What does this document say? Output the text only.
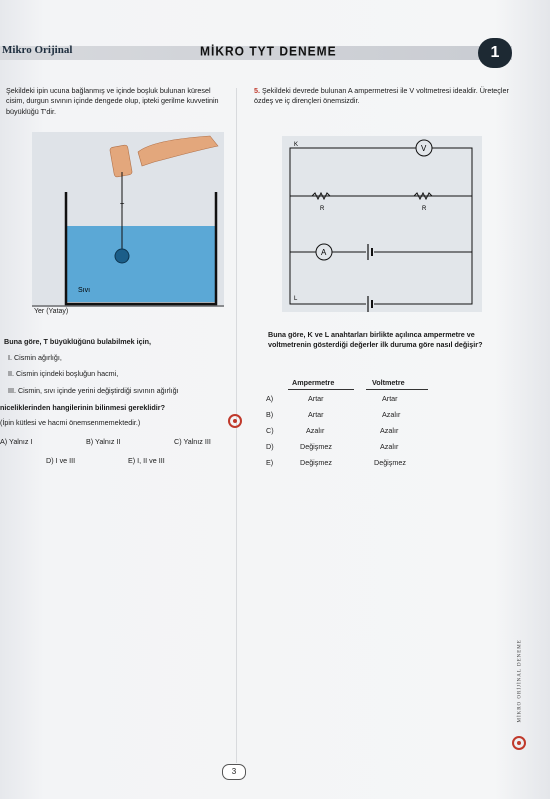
Mikro Orijinal	MİKRO TYT DENEME	1
Şekildeki ipin ucuna bağlanmış ve içinde boşluk bulunan küresel cisim, durgun sıvının içinde dengede olup, ipteki gerilme kuvvetinin büyüklüğü T'dir.
T
Sıvı
Yer (Yatay)
Buna göre, T büyüklüğünü bulabilmek için,
I. Cismin ağırlığı,
II. Cismin içindeki boşluğun hacmi,
III. Cismin, sıvı içinde yerini değiştirdiği sıvının ağırlığı
niceliklerinden hangilerinin bilinmesi gereklidir?
(İpin kütlesi ve hacmi önemsenmemektedir.)
A) Yalnız I	B) Yalnız II	C) Yalnız III
D) I ve III	E) I, II ve III
5. Şekildeki devrede bulunan A ampermetresi ile V voltmetresi idealdir. Üreteçler özdeş ve iç dirençleri önemsizdir.
R	R
K	V
A
L
Buna göre, K ve L anahtarları birlikte açılınca ampermetre ve voltmetrenin gösterdiği değerler ilk duruma göre nasıl değişir?
Ampermetre	Voltmetre
A)	Artar	Artar
B)	Artar	Azalır
C)	Azalır	Azalır
D)	Değişmez	Azalır
E)	Değişmez	Değişmez
3
MİKRO ORİJİNAL DENEME
